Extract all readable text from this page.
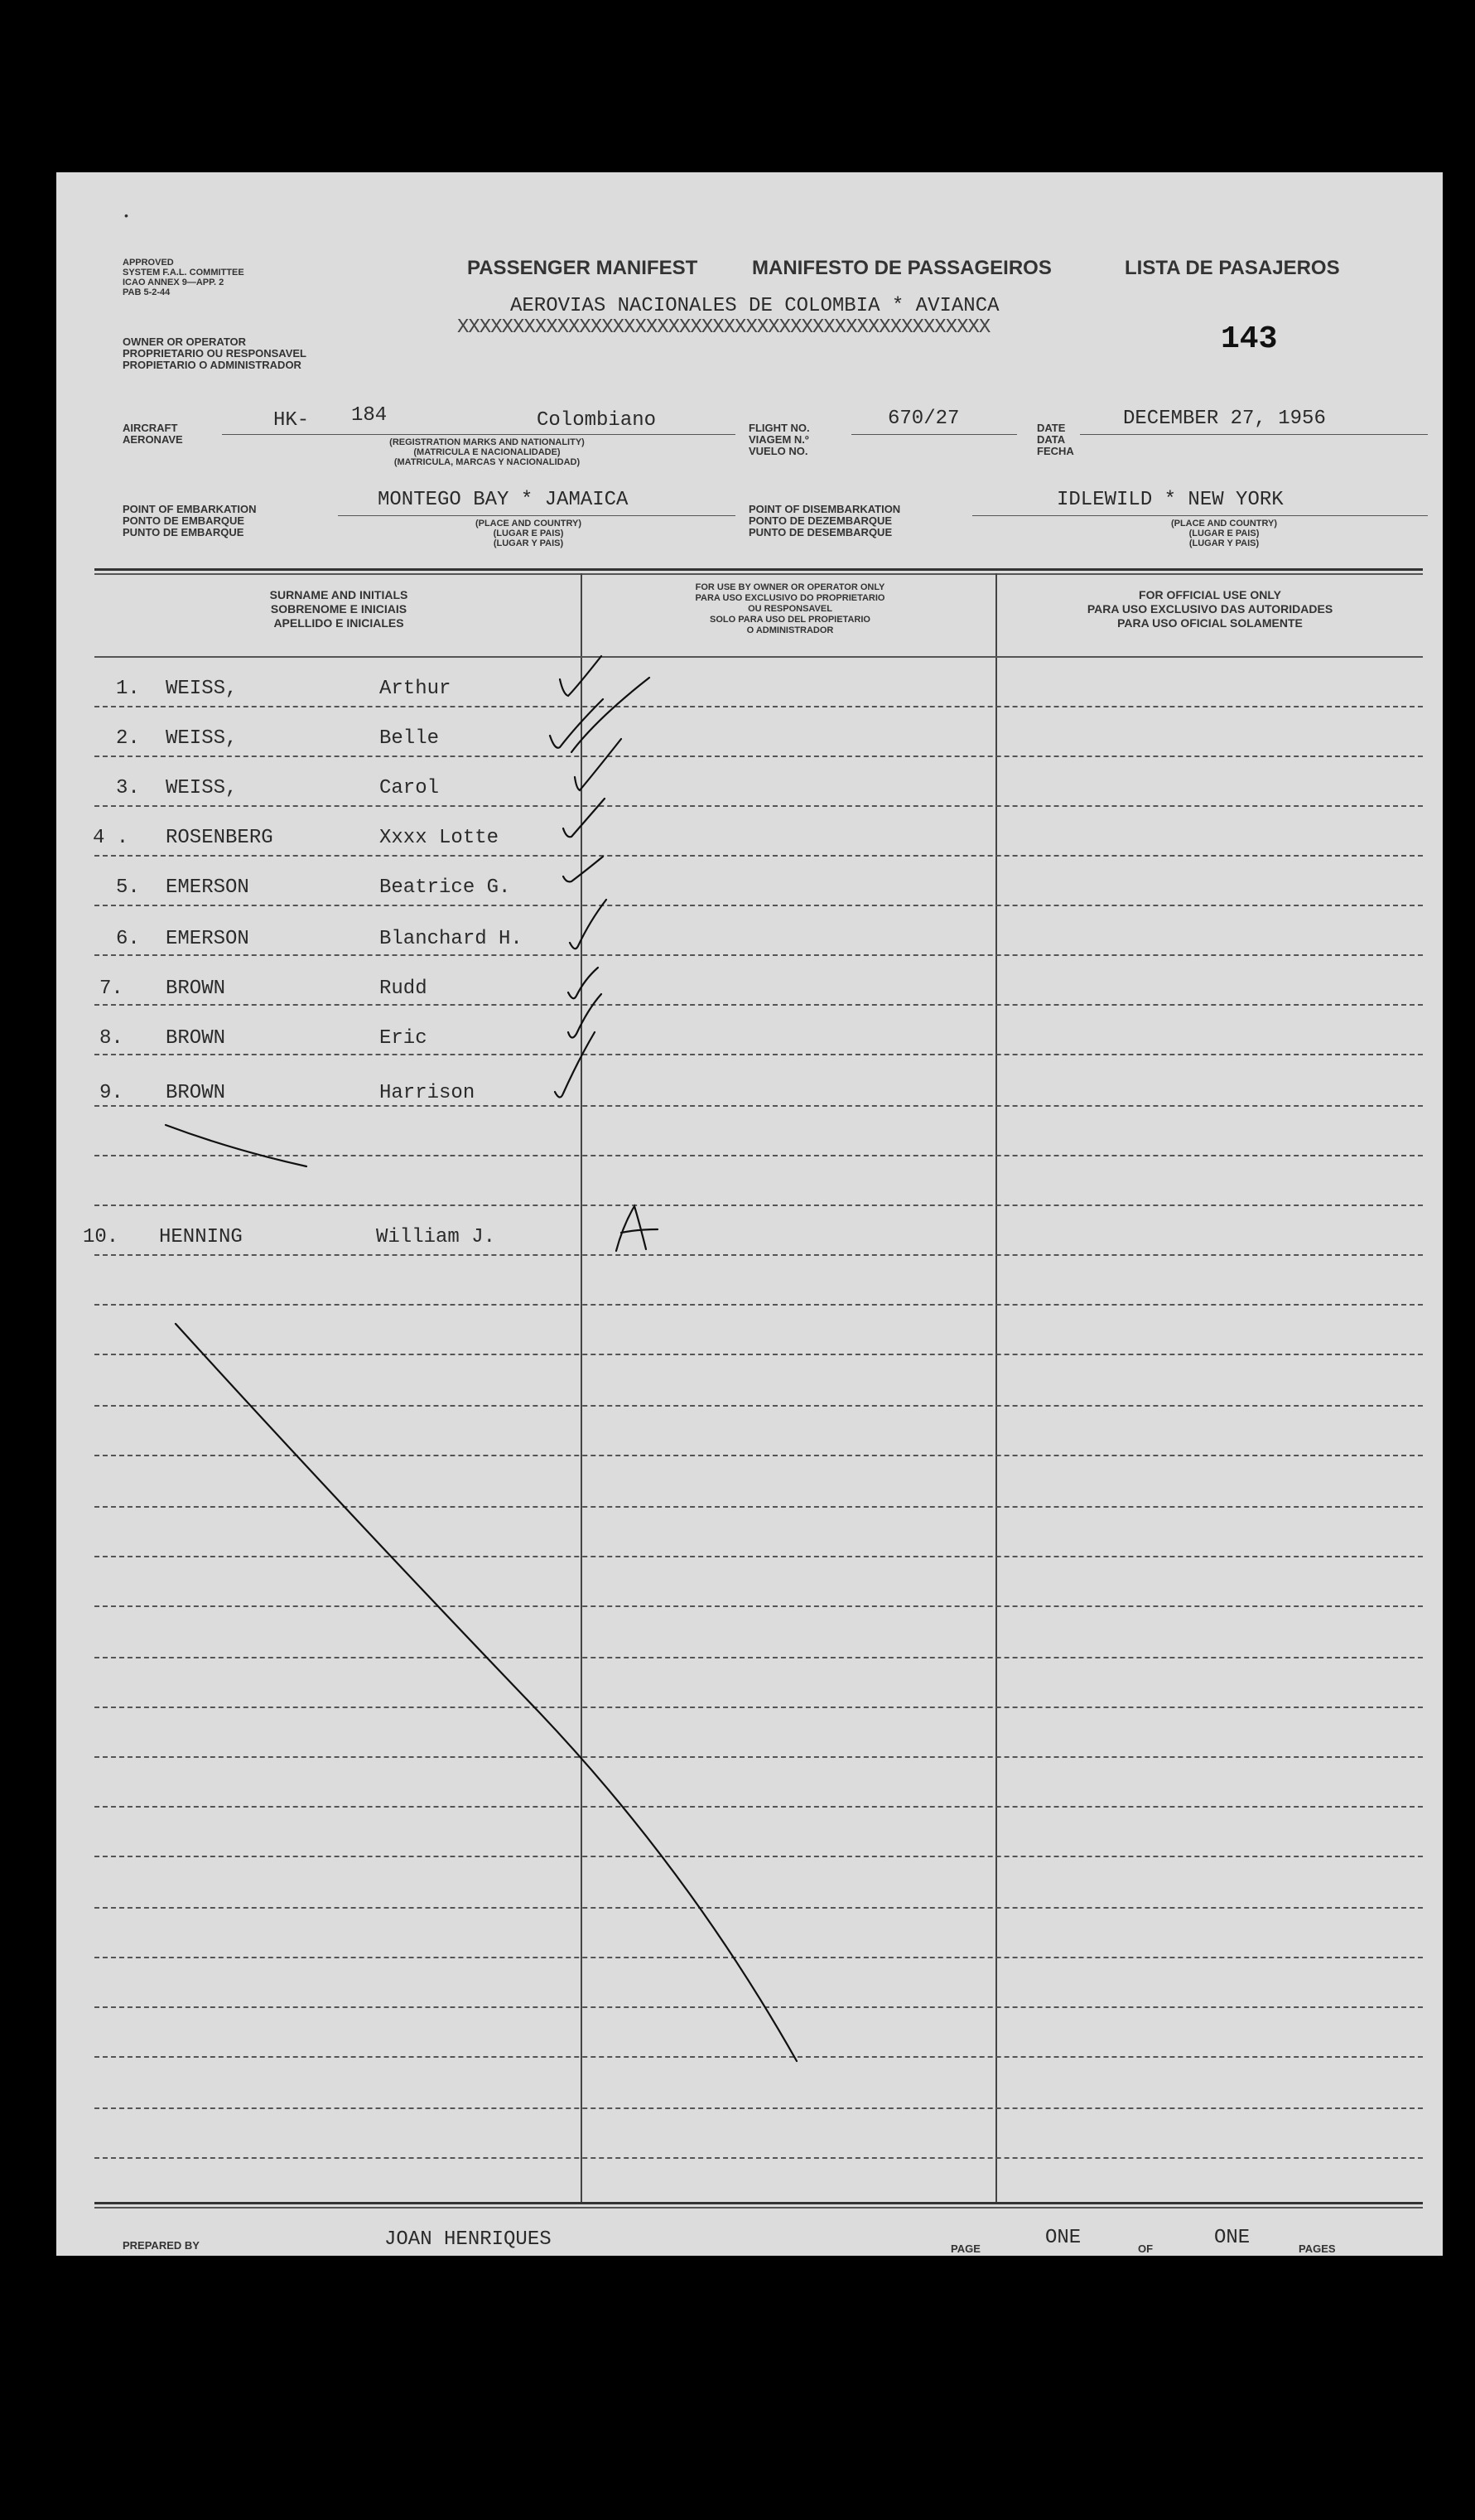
•
APPROVED
SYSTEM F.A.L. COMMITTEE
ICAO ANNEX 9—APP. 2
PAB 5-2-44
OWNER OR OPERATOR
PROPRIETARIO OU RESPONSAVEL
PROPIETARIO O ADMINISTRADOR
PASSENGER MANIFEST	MANIFESTO DE PASSAGEIROS	LISTA DE PASAJEROS
AEROVIAS NACIONALES DE COLOMBIA * AVIANCA
XXXXXXXXXXXXXXXXXXXXXXXXXXXXXXXXXXXXXXXXXXXXXXXX	143
AIRCRAFT
AERONAVE
HK- 184	Colombiano
(REGISTRATION MARKS AND NATIONALITY)
(MATRICULA E NACIONALIDADE)
(MATRICULA, MARCAS Y NACIONALIDAD)
FLIGHT NO.
VIAGEM N.º
VUELO NO.
670/27	DATE
DATA
FECHA
DECEMBER 27, 1956
POINT OF EMBARKATION
PONTO DE EMBARQUE
PUNTO DE EMBARQUE
MONTEGO BAY * JAMAICA
(PLACE AND COUNTRY)
(LUGAR E PAIS)
(LUGAR Y PAIS)
POINT OF DISEMBARKATION
PONTO DE DEZEMBARQUE
PUNTO DE DESEMBARQUE
IDLEWILD * NEW YORK
(PLACE AND COUNTRY)
(LUGAR E PAIS)
(LUGAR Y PAIS)
SURNAME AND INITIALS
SOBRENOME E INICIAIS
APELLIDO E INICIALES
FOR USE BY OWNER OR OPERATOR ONLY
PARA USO EXCLUSIVO DO PROPRIETARIO
OU RESPONSAVEL
SOLO PARA USO DEL PROPIETARIO
O ADMINISTRADOR
FOR OFFICIAL USE ONLY
PARA USO EXCLUSIVO DAS AUTORIDADES
PARA USO OFICIAL SOLAMENTE
1. WEISS,	Arthur
2. WEISS,	Belle
3. WEISS,	Carol
4 . ROSENBERG	Xxxx Lotte
5. EMERSON	Beatrice G.
6. EMERSON	Blanchard H.
7. BROWN	Rudd
8. BROWN	Eric
9. BROWN	Harrison
10. HENNING	William J.
PREPARED BY	JOAN HENRIQUES	PAGE	ONE	OF	ONE	PAGES
